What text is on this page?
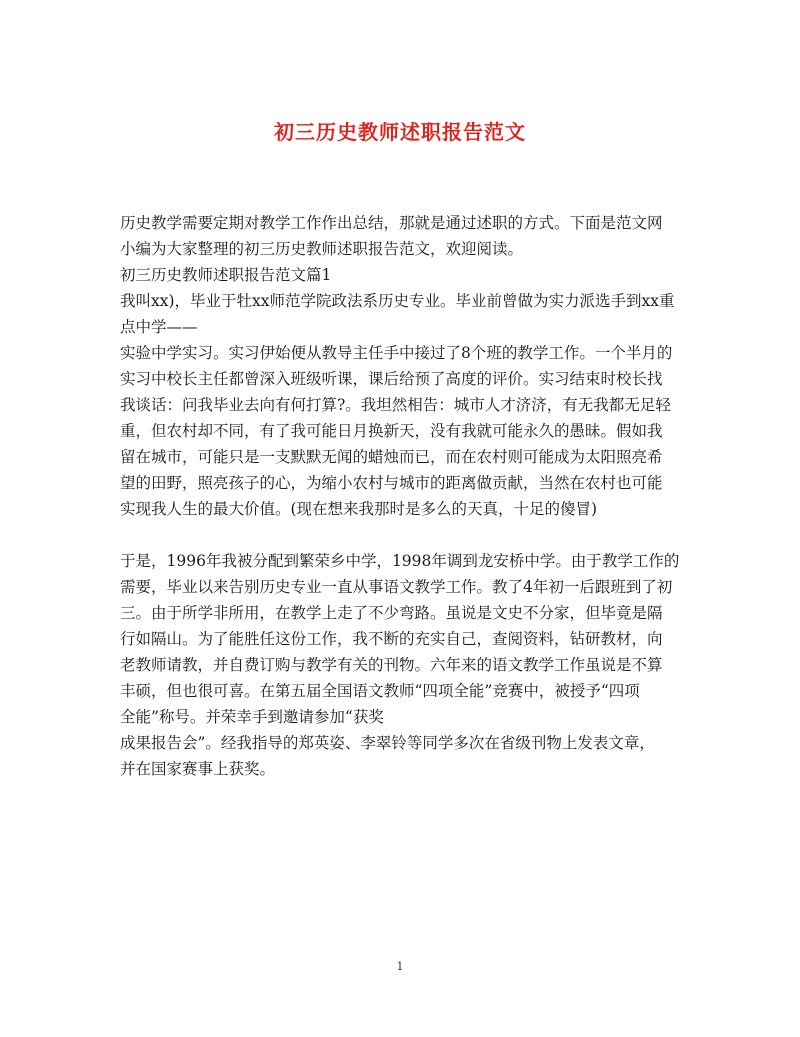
初三历史教师述职报告范文
历史教学需要定期对教学工作作出总结，那就是通过述职的方式。下面是范文网
小编为大家整理的初三历史教师述职报告范文，欢迎阅读。
初三历史教师述职报告范文篇1
我叫xx)，毕业于牡xx师范学院政法系历史专业。毕业前曾做为实力派选手到xx重
点中学——
实验中学实习。实习伊始便从教导主任手中接过了8个班的教学工作。一个半月的
实习中校长主任都曾深入班级听课，课后给预了高度的评价。实习结束时校长找
我谈话：问我毕业去向有何打算?。我坦然相告：城市人才济济，有无我都无足轻
重，但农村却不同，有了我可能日月换新天，没有我就可能永久的愚昧。假如我
留在城市，可能只是一支默默无闻的蜡烛而已，而在农村则可能成为太阳照亮希
望的田野，照亮孩子的心，为缩小农村与城市的距离做贡献，当然在农村也可能
实现我人生的最大价值。(现在想来我那时是多么的天真，十足的傻冒)
于是，1996年我被分配到繁荣乡中学，1998年调到龙安桥中学。由于教学工作的
需要，毕业以来告别历史专业一直从事语文教学工作。教了4年初一后跟班到了初
三。由于所学非所用，在教学上走了不少弯路。虽说是文史不分家，但毕竟是隔
行如隔山。为了能胜任这份工作，我不断的充实自己，查阅资料，钻研教材，向
老教师请教，并自费订购与教学有关的刊物。六年来的语文教学工作虽说是不算
丰硕，但也很可喜。在第五届全国语文教师“四项全能”竞赛中，被授予“四项
全能”称号。并荣幸手到邀请参加“获奖
成果报告会”。经我指导的郑英姿、李翠铃等同学多次在省级刊物上发表文章，
并在国家赛事上获奖。
1
